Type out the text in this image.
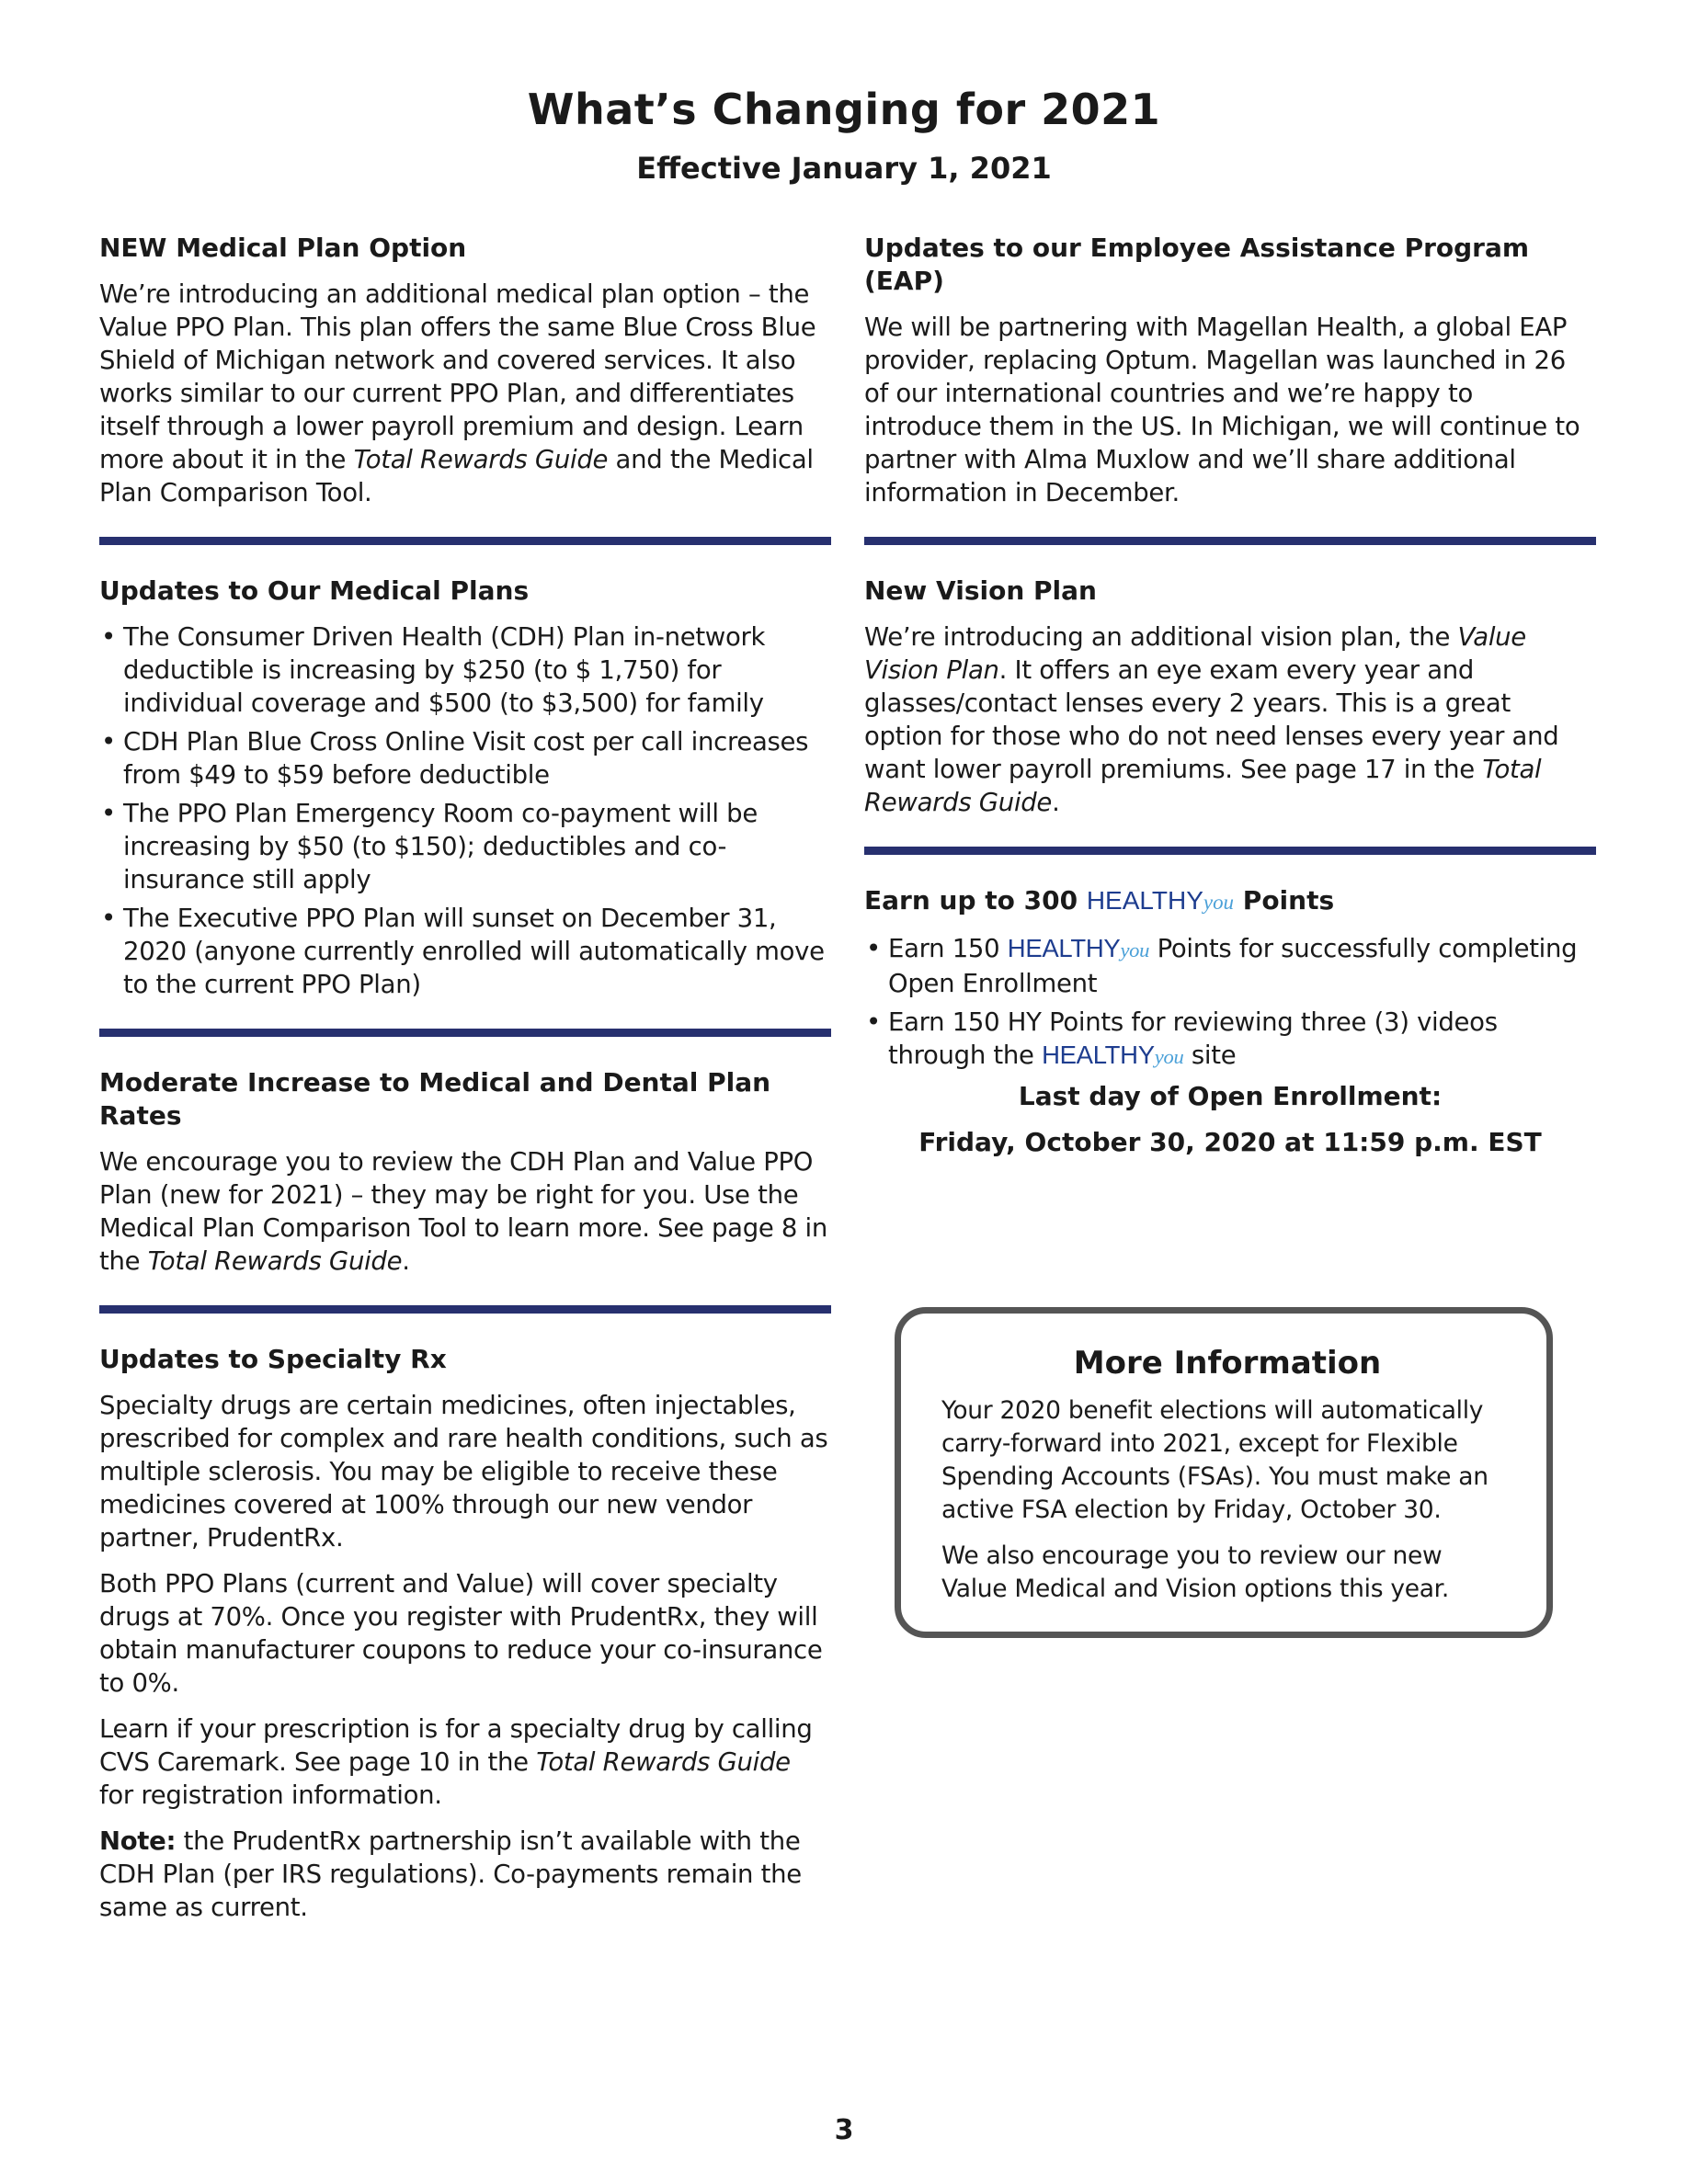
What’s Changing for 2021
Effective January 1, 2021
NEW Medical Plan Option

We’re introducing an additional medical plan option – the Value PPO Plan. This plan offers the same Blue Cross Blue Shield of Michigan network and covered services. It also works similar to our current PPO Plan, and differentiates itself through a lower payroll premium and design. Learn more about it in the Total Rewards Guide and the Medical Plan Comparison Tool.

Updates to Our Medical Plans
• The Consumer Driven Health (CDH) Plan in-network deductible is increasing by $250 (to $ 1,750) for individual coverage and $500 (to $3,500) for family
• CDH Plan Blue Cross Online Visit cost per call increases from $49 to $59 before deductible
• The PPO Plan Emergency Room co-payment will be increasing by $50 (to $150); deductibles and co-insurance still apply
• The Executive PPO Plan will sunset on December 31, 2020 (anyone currently enrolled will automatically move to the current PPO Plan)
Moderate Increase to Medical and Dental Plan Rates

We encourage you to review the CDH Plan and Value PPO Plan (new for 2021) – they may be right for you. Use the Medical Plan Comparison Tool to learn more. See page 8 in the Total Rewards Guide.

Updates to Specialty Rx

Specialty drugs are certain medicines, often injectables, prescribed for complex and rare health conditions, such as multiple sclerosis. You may be eligible to receive these medicines covered at 100% through our new vendor partner, PrudentRx.

Both PPO Plans (current and Value) will cover specialty drugs at 70%. Once you register with PrudentRx, they will obtain manufacturer coupons to reduce your co-insurance to 0%.

Learn if your prescription is for a specialty drug by calling CVS Caremark. See page 10 in the Total Rewards Guide for registration information.

Note: the PrudentRx partnership isn’t available with the CDH Plan (per IRS regulations). Co-payments remain the same as current.

Updates to our Employee Assistance Program (EAP)

We will be partnering with Magellan Health, a global EAP provider, replacing Optum. Magellan was launched in 26 of our international countries and we’re happy to introduce them in the US. In Michigan, we will continue to partner with Alma Muxlow and we’ll share additional information in December.

New Vision Plan

We’re introducing an additional vision plan, the Value Vision Plan. It offers an eye exam every year and glasses/contact lenses every 2 years. This is a great option for those who do not need lenses every year and want lower payroll premiums. See page 17 in the Total Rewards Guide.

Earn up to 300 HEALTHYyou Points
• Earn 150 HEALTHYyou Points for successfully completing Open Enrollment
• Earn 150 HY Points for reviewing three (3) videos through the HEALTHYyou site

Last day of Open Enrollment:

Friday, October 30, 2020 at 11:59 p.m. EST

More Information

Your 2020 benefit elections will automatically carry-forward into 2021, except for Flexible Spending Accounts (FSAs). You must make an active FSA election by Friday, October 30.

We also encourage you to review our new Value Medical and Vision options this year.

3
